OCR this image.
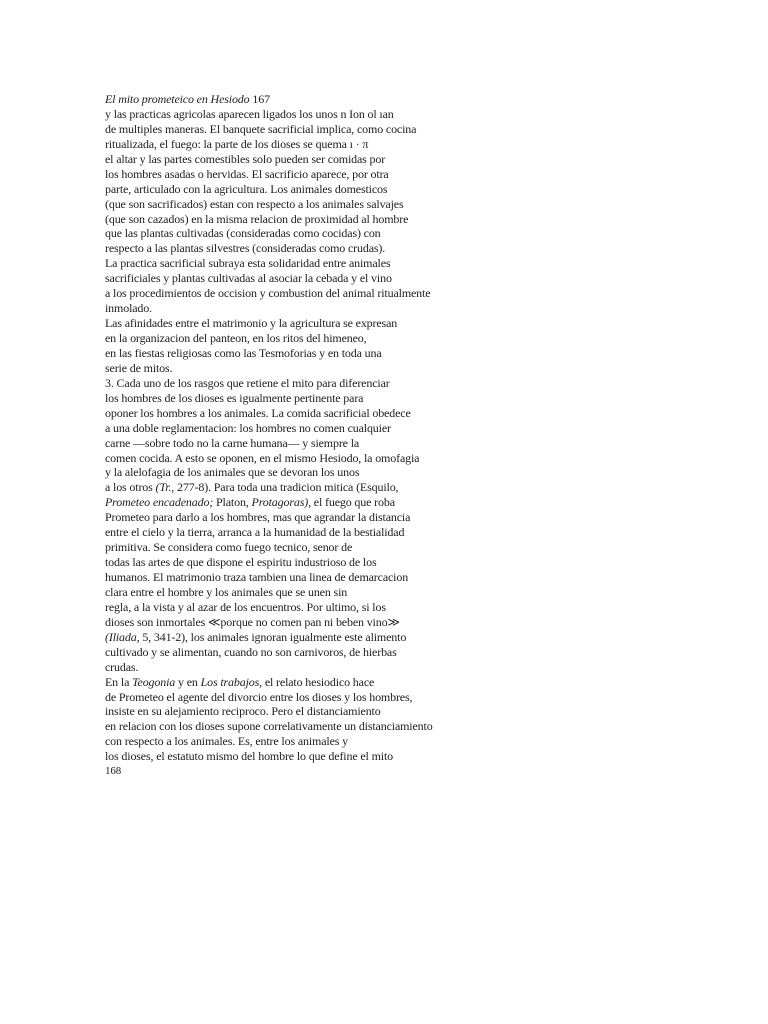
El mito prometeico en Hesiodo 167
y las practicas agricolas aparecen ligados los unos n Ion ol ıan
de multiples maneras. El banquete sacrificial implica, como cocina
ritualizada, el fuego: la parte de los dioses se quema ı · π
el altar y las partes comestibles solo pueden ser comidas por
los hombres asadas o hervidas. El sacrificio aparece, por otra
parte, articulado con la agricultura. Los animales domesticos
(que son sacrificados) estan con respecto a los animales salvajes
(que son cazados) en la misma relacion de proximidad al hombre
que las plantas cultivadas (consideradas como cocidas) con
respecto a las plantas silvestres (consideradas como crudas).
La practica sacrificial subraya esta solidaridad entre animales
sacrificiales y plantas cultivadas al asociar la cebada y el vino
a los procedimientos de occision y combustion del animal ritualmente
inmolado.
Las afinidades entre el matrimonio y la agricultura se expresan
en la organizacion del panteon, en los ritos del himeneo,
en las fiestas religiosas como las Tesmoforias y en toda una
serie de mitos.
3. Cada uno de los rasgos que retiene el mito para diferenciar
los hombres de los dioses es igualmente pertinente para
oponer los hombres a los animales. La comida sacrificial obedece
a una doble reglamentacion: los hombres no comen cualquier
carne —sobre todo no la carne humana— y siempre la
comen cocida. A esto se oponen, en el mismo Hesiodo, la omofagia
y la alelofagia de los animales que se devoran los unos
a los otros (Tr., 277-8). Para toda una tradicion mitica (Esquilo,
Prometeo encadenado; Platon, Protagoras), el fuego que roba
Prometeo para darlo a los hombres, mas que agrandar la distancia
entre el cielo y la tierra, arranca a la humanidad de la bestialidad
primitiva. Se considera como fuego tecnico, senor de
todas las artes de que dispone el espiritu industrioso de los
humanos. El matrimonio traza tambien una linea de demarcacion
clara entre el hombre y los animales que se unen sin
regla, a la vista y al azar de los encuentros. Por ultimo, si los
dioses son inmortales ≪porque no comen pan ni beben vino≫
(Iliada, 5, 341-2), los animales ignoran igualmente este alimento
cultivado y se alimentan, cuando no son carnivoros, de hierbas
crudas.
En la Teogonia y en Los trabajos, el relato hesiodico hace
de Prometeo el agente del divorcio entre los dioses y los hombres,
insiste en su alejamiento reciproco. Pero el distanciamiento
en relacion con los dioses supone correlativamente un distanciamiento
con respecto a los animales. Es, entre los animales y
los dioses, el estatuto mismo del hombre lo que define el mito
168
